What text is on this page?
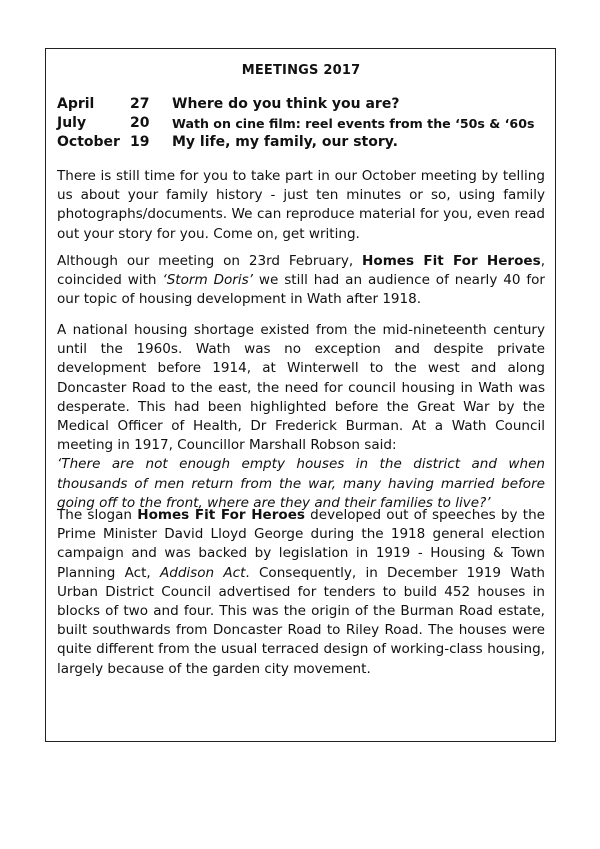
MEETINGS 2017
April	27 Where do you think you are?
July	20 Wath on cine film: reel events from the ‘50s & ‘60s
October 19 My life, my family, our story.
There is still time for you to take part in our October meeting by telling us about your family history - just ten minutes or so, using family photographs/documents. We can reproduce material for you, even read out your story for you. Come on, get writing.
Although our meeting on 23rd February, Homes Fit For Heroes, coincided with ‘Storm Doris’ we still had an audience of nearly 40 for our topic of housing development in Wath after 1918.
A national housing shortage existed from the mid-nineteenth century until the 1960s. Wath was no exception and despite private development before 1914, at Winterwell to the west and along Doncaster Road to the east, the need for council housing in Wath was desperate. This had been highlighted before the Great War by the Medical Officer of Health, Dr Frederick Burman. At a Wath Council meeting in 1917, Councillor Marshall Robson said:
‘There are not enough empty houses in the district and when thousands of men return from the war, many having married before going off to the front, where are they and their families to live?’
The slogan Homes Fit For Heroes developed out of speeches by the Prime Minister David Lloyd George during the 1918 general election campaign and was backed by legislation in 1919 - Housing & Town Planning Act, Addison Act. Consequently, in December 1919 Wath Urban District Council advertised for tenders to build 452 houses in blocks of two and four. This was the origin of the Burman Road estate, built southwards from Doncaster Road to Riley Road. The houses were quite different from the usual terraced design of working-class housing, largely because of the garden city movement.
